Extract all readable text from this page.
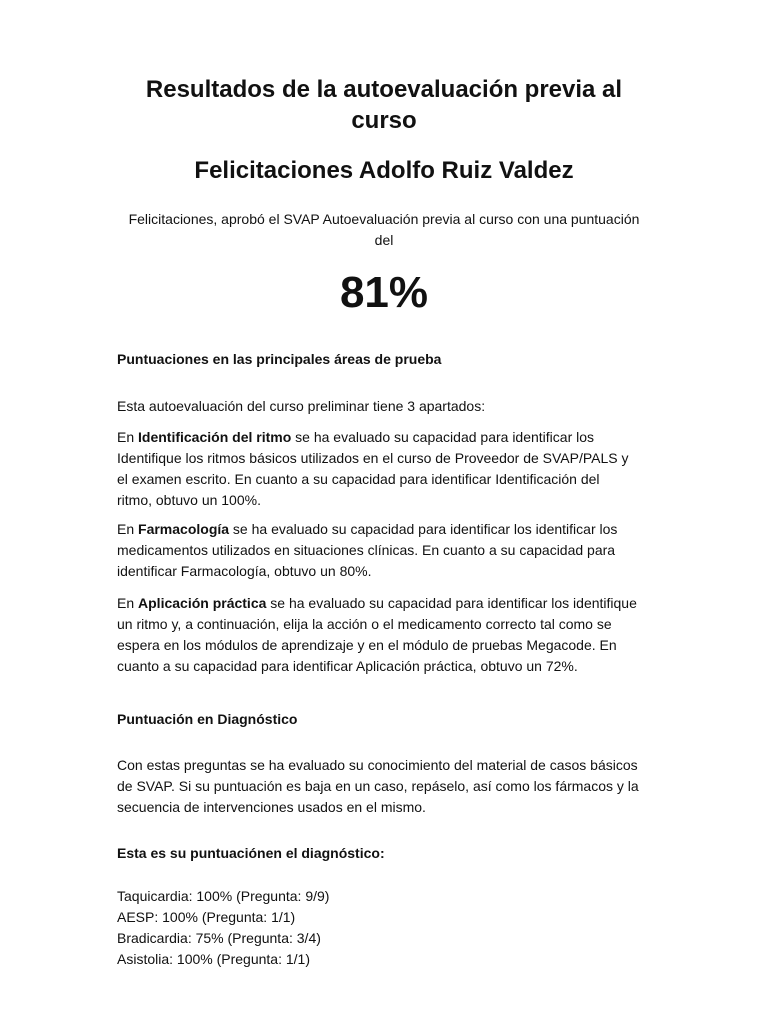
Resultados de la autoevaluación previa al
curso
Felicitaciones Adolfo Ruiz Valdez

Felicitaciones, aprobó el SVAP Autoevaluación previa al curso con una puntuación
del

81%
Puntuaciones en las principales áreas de prueba

Esta autoevaluación del curso preliminar tiene 3 apartados:

En Identificación del ritmo se ha evaluado su capacidad para identificar los
Identifique los ritmos básicos utilizados en el curso de Proveedor de SVAP/PALS y
el examen escrito. En cuanto a su capacidad para identificar Identificación del
ritmo, obtuvo un 100%.

En Farmacología se ha evaluado su capacidad para identificar los identificar los
medicamentos utilizados en situaciones clínicas. En cuanto a su capacidad para
identificar Farmacología, obtuvo un 80%.

En Aplicación práctica se ha evaluado su capacidad para identificar los identifique
un ritmo y, a continuación, elija la acción o el medicamento correcto tal como se
espera en los módulos de aprendizaje y en el módulo de pruebas Megacode. En
cuanto a su capacidad para identificar Aplicación práctica, obtuvo un 72%.

Puntuación en Diagnóstico

Con estas preguntas se ha evaluado su conocimiento del material de casos básicos
de SVAP. Si su puntuación es baja en un caso, repáselo, así como los fármacos y la
secuencia de intervenciones usados en el mismo.

Esta es su puntuaciónen el diagnóstico:

Taquicardia: 100% (Pregunta: 9/9)
AESP: 100% (Pregunta: 1/1)
Bradicardia: 75% (Pregunta: 3/4)
Asistolia: 100% (Pregunta: 1/1)
